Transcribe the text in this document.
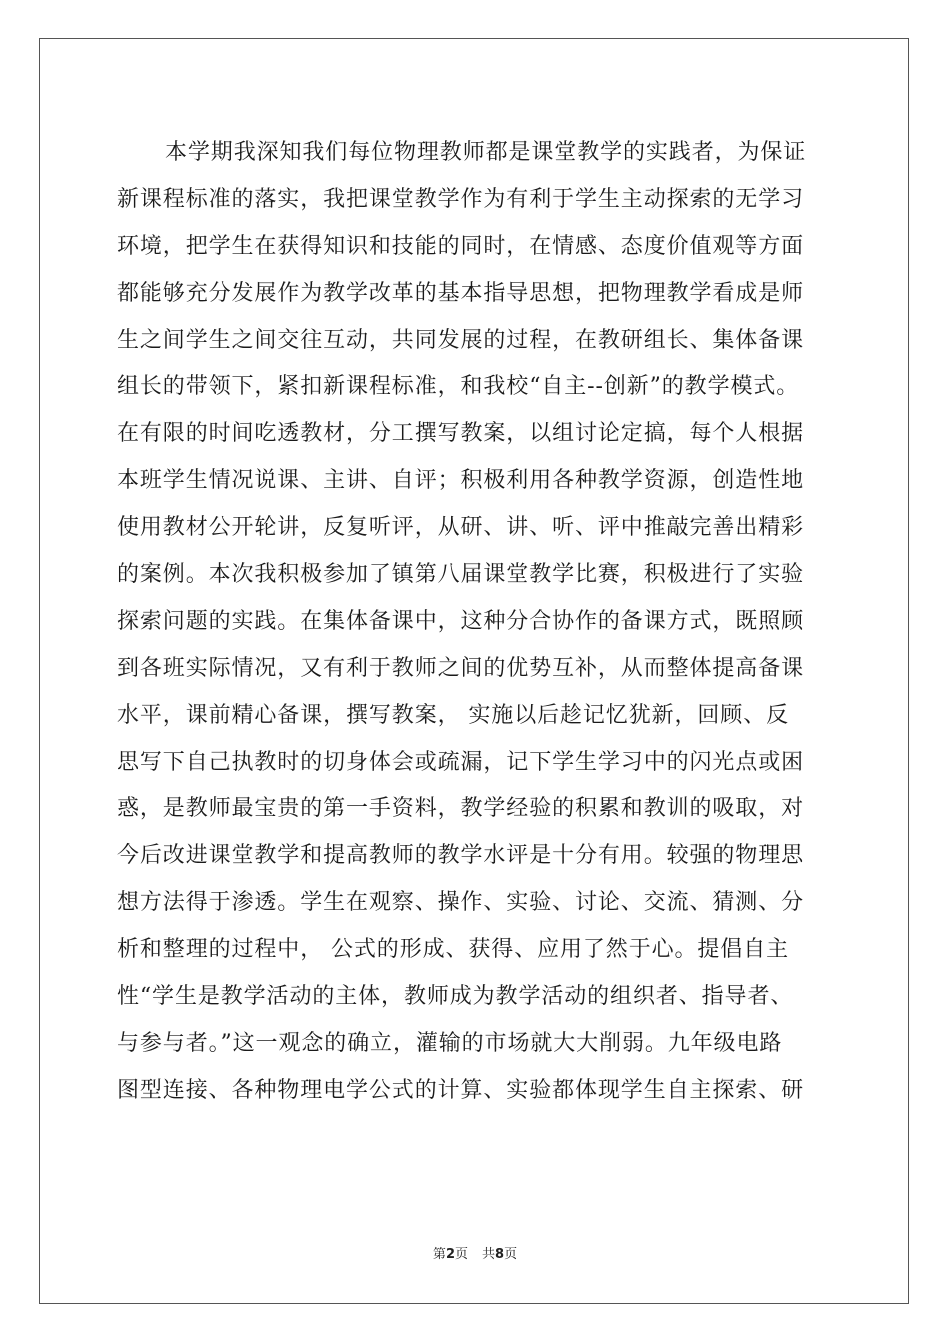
本学期我深知我们每位物理教师都是课堂教学的实践者，为保证
新课程标准的落实，我把课堂教学作为有利于学生主动探索的无学习
环境，把学生在获得知识和技能的同时，在情感、态度价值观等方面
都能够充分发展作为教学改革的基本指导思想，把物理教学看成是师
生之间学生之间交往互动，共同发展的过程，在教研组长、集体备课
组长的带领下，紧扣新课程标准，和我校“自主--创新”的教学模式。
在有限的时间吃透教材，分工撰写教案，以组讨论定搞，每个人根据
本班学生情况说课、主讲、自评；积极利用各种教学资源，创造性地
使用教材公开轮讲，反复听评，从研、讲、听、评中推敲完善出精彩
的案例。本次我积极参加了镇第八届课堂教学比赛，积极进行了实验
探索问题的实践。在集体备课中，这种分合协作的备课方式，既照顾
到各班实际情况，又有利于教师之间的优势互补，从而整体提高备课
水平，课前精心备课，撰写教案， 实施以后趁记忆犹新，回顾、反
思写下自己执教时的切身体会或疏漏，记下学生学习中的闪光点或困
惑，是教师最宝贵的第一手资料，教学经验的积累和教训的吸取，对
今后改进课堂教学和提高教师的教学水评是十分有用。较强的物理思
想方法得于渗透。学生在观察、操作、实验、讨论、交流、猜测、分
析和整理的过程中， 公式的形成、获得、应用了然于心。提倡自主
性“学生是教学活动的主体，教师成为教学活动的组织者、指导者、
与参与者。”这一观念的确立，灌输的市场就大大削弱。九年级电路
图型连接、各种物理电学公式的计算、实验都体现学生自主探索、研
第2页 共8页
